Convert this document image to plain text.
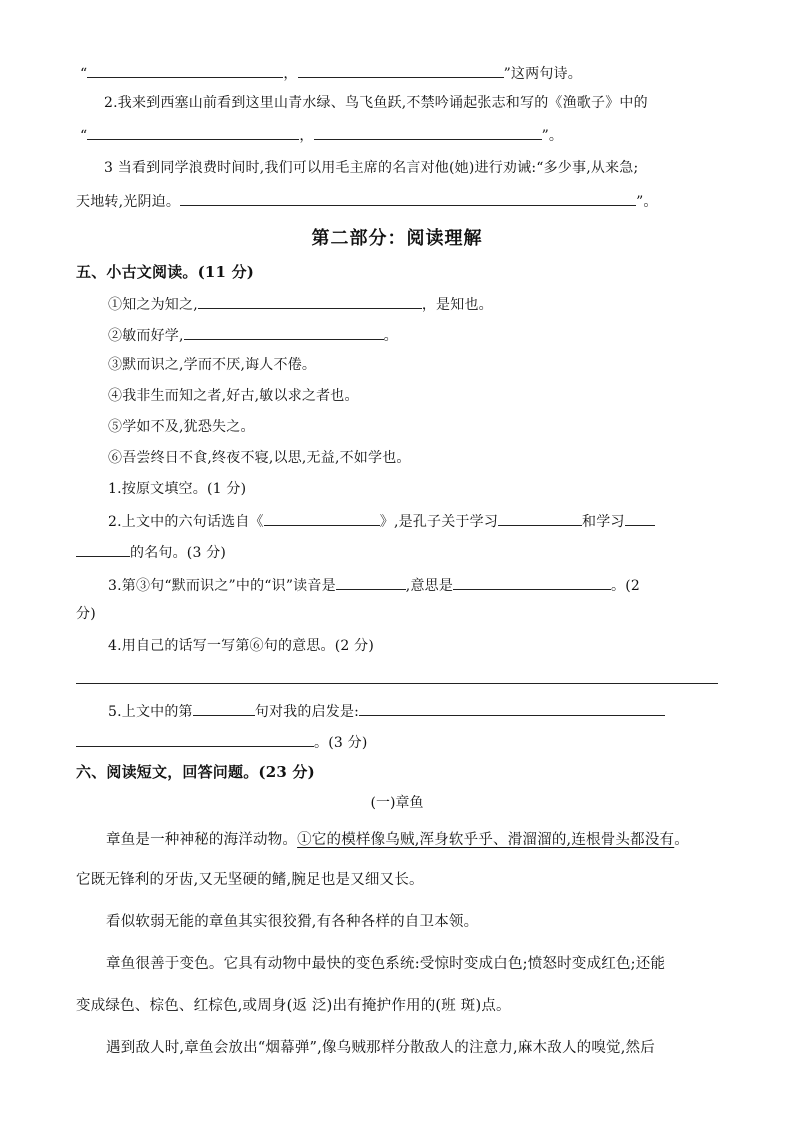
“	，	”这两句诗。
2.我来到西塞山前看到这里山青水绿、鸟飞鱼跃,不禁吟诵起张志和写的《渔歌子》中的
“	，	”。
3 当看到同学浪费时间时,我们可以用毛主席的名言对他(她)进行劝诫:“多少事,从来急;
天地转,光阴迫。	”。
第二部分：阅读理解
五、小古文阅读。(11 分)
①知之为知之,	，是知也。
②敏而好学,	。
③默而识之,学而不厌,诲人不倦。
④我非生而知之者,好古,敏以求之者也。
⑤学如不及,犹恐失之。
⑥吾尝终日不食,终夜不寝,以思,无益,不如学也。
1.按原文填空。(1 分)
2.上文中的六句话选自《	》,是孔子关于学习	和学习
的名句。(3 分)
3.第③句“默而识之”中的“识”读音是	,意思是	。(2
分)
4.用自己的话写一写第⑥句的意思。(2 分)
5.上文中的第	句对我的启发是:
。(3 分)
六、阅读短文，回答问题。(23 分)
(一)章鱼
章鱼是一种神秘的海洋动物。①它的模样像乌贼,浑身软乎乎、滑溜溜的,连根骨头都没有。
它既无锋利的牙齿,又无坚硬的鳍,腕足也是又细又长。
看似软弱无能的章鱼其实很狡猾,有各种各样的自卫本领。
章鱼很善于变色。它具有动物中最快的变色系统:受惊时变成白色;愤怒时变成红色;还能
变成绿色、棕色、红棕色,或周身(返 泛)出有掩护作用的(班 斑)点。
遇到敌人时,章鱼会放出“烟幕弹”,像乌贼那样分散敌人的注意力,麻木敌人的嗅觉,然后
